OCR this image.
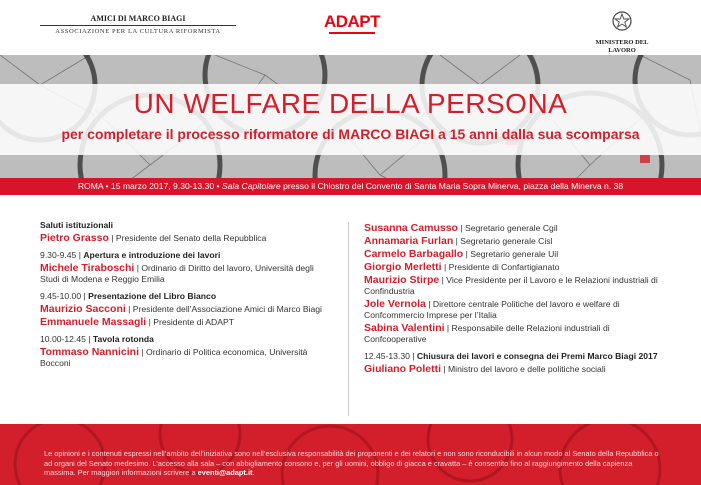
AMICI DI MARCO BIAGI
ASSOCIAZIONE PER LA CULTURA RIFORMISTA
ADAPT
MINISTERO DEL LAVORO
UN WELFARE DELLA PERSONA
per completare il processo riformatore di MARCO BIAGI a 15 anni dalla sua scomparsa
ROMA • 15 marzo 2017, 9.30-13.30 • Sala Capitolare presso il Chiostro del Convento di Santa Maria Sopra Minerva, piazza della Minerva n. 38
Saluti istituzionali
Pietro Grasso | Presidente del Senato della Repubblica
9.30-9.45 | Apertura e introduzione dei lavori
Michele Tiraboschi | Ordinario di Diritto del lavoro, Università degli Studi di Modena e Reggio Emilia
9.45-10.00 | Presentazione del Libro Bianco
Maurizio Sacconi | Presidente dell’Associazione Amici di Marco Biagi
Emmanuele Massagli | Presidente di ADAPT
10.00-12.45 | Tavola rotonda
Tommaso Nannicini | Ordinario di Politica economica, Università Bocconi
Susanna Camusso | Segretario generale Cgil
Annamaria Furlan | Segretario generale Cisl
Carmelo Barbagallo | Segretario generale Uil
Giorgio Merletti | Presidente di Confartigianato
Maurizio Stirpe | Vice Presidente per il Lavoro e le Relazioni industriali di Confindustria
Jole Vernola | Direttore centrale Politiche del lavoro e welfare di Confcommercio Imprese per l’Italia
Sabina Valentini | Responsabile delle Relazioni industriali di Confcooperative
12.45-13.30 | Chiusura dei lavori e consegna dei Premi Marco Biagi 2017
Giuliano Poletti | Ministro del lavoro e delle politiche sociali
Le opinioni e i contenuti espressi nell’ambito dell’iniziativa sono nell’esclusiva responsabilità dei proponenti e dei relatori e non sono riconducibili in alcun modo al Senato della Repubblica o ad organi del Senato medesimo. L’accesso alla sala – con abbigliamento consono e, per gli uomini, obbligo di giacca e cravatta – è consentito fino al raggiungimento della capienza massima. Per maggiori informazioni scrivere a eventi@adapt.it.
